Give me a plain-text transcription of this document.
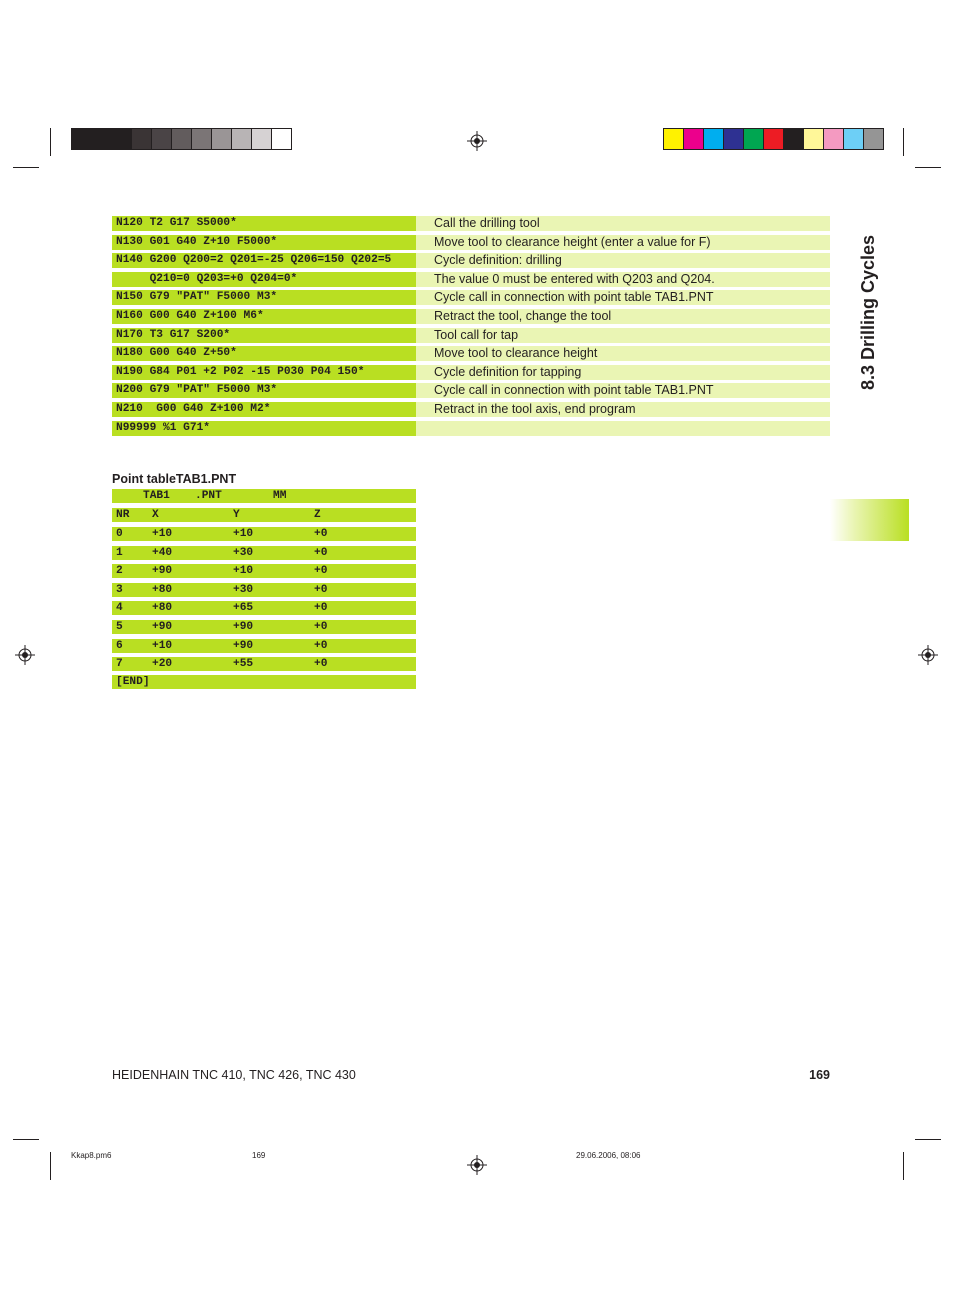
N120 T2 G17 S5000*	Call the drilling tool
N130 G01 G40 Z+10 F5000*	Move tool to clearance height (enter a value for F)
N140 G200 Q200=2 Q201=-25 Q206=150 Q202=5	Cycle definition: drilling
Q210=0 Q203=+0 Q204=0*	The value 0 must be entered with Q203 and Q204.
N150 G79 "PAT" F5000 M3*	Cycle call in connection with point table TAB1.PNT
N160 G00 G40 Z+100 M6*	Retract the tool, change the tool
N170 T3 G17 S200*	Tool call for tap
N180 G00 G40 Z+50*	Move tool to clearance height
N190 G84 P01 +2 P02 -15 P030 P04 150*	Cycle definition for tapping
N200 G79 "PAT" F5000 M3*	Cycle call in connection with point table TAB1.PNT
N210  G00 G40 Z+100 M2*	Retract in the tool axis, end program
N99999 %1 G71*
8.3 Drilling Cycles
Point tableTAB1.PNT

TAB1

.PNT

	MM

NR X	Y	Z
0	+10	+10	+0
1	+40	+30	+0
2	+90	+10	+0
3	+80	+30	+0
4	+80	+65	+0
5	+90	+90	+0
6	+10	+90	+0
7	+20	+55	+0
[END]
HEIDENHAIN TNC 410, TNC 426, TNC 430	169
Kkap8.pm6	169	29.06.2006, 08:06
